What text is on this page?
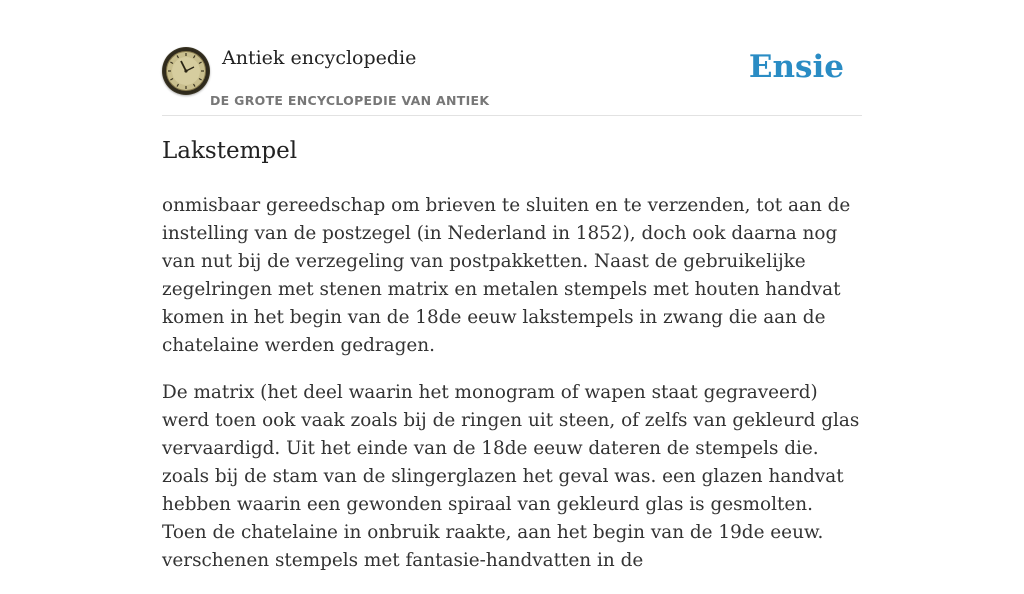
Antiek encyclopedie
DE GROTE ENCYCLOPEDIE VAN ANTIEK
Ensie
Lakstempel

onmisbaar gereedschap om brieven te sluiten en te verzenden, tot aan de instelling van de postzegel (in Nederland in 1852), doch ook daarna nog van nut bij de verzegeling van postpakketten. Naast de gebruikelijke zegelringen met stenen matrix en metalen stempels met houten handvat komen in het begin van de 18de eeuw lakstempels in zwang die aan de chatelaine werden gedragen.

De matrix (het deel waarin het monogram of wapen staat gegraveerd) werd toen ook vaak zoals bij de ringen uit steen, of zelfs van gekleurd glas vervaardigd. Uit het einde van de 18de eeuw dateren de stempels die. zoals bij de stam van de slingerglazen het geval was. een glazen handvat hebben waarin een gewonden spiraal van gekleurd glas is gesmolten. Toen de chatelaine in onbruik raakte, aan het begin van de 19de eeuw. verschenen stempels met fantasie-handvatten in de
